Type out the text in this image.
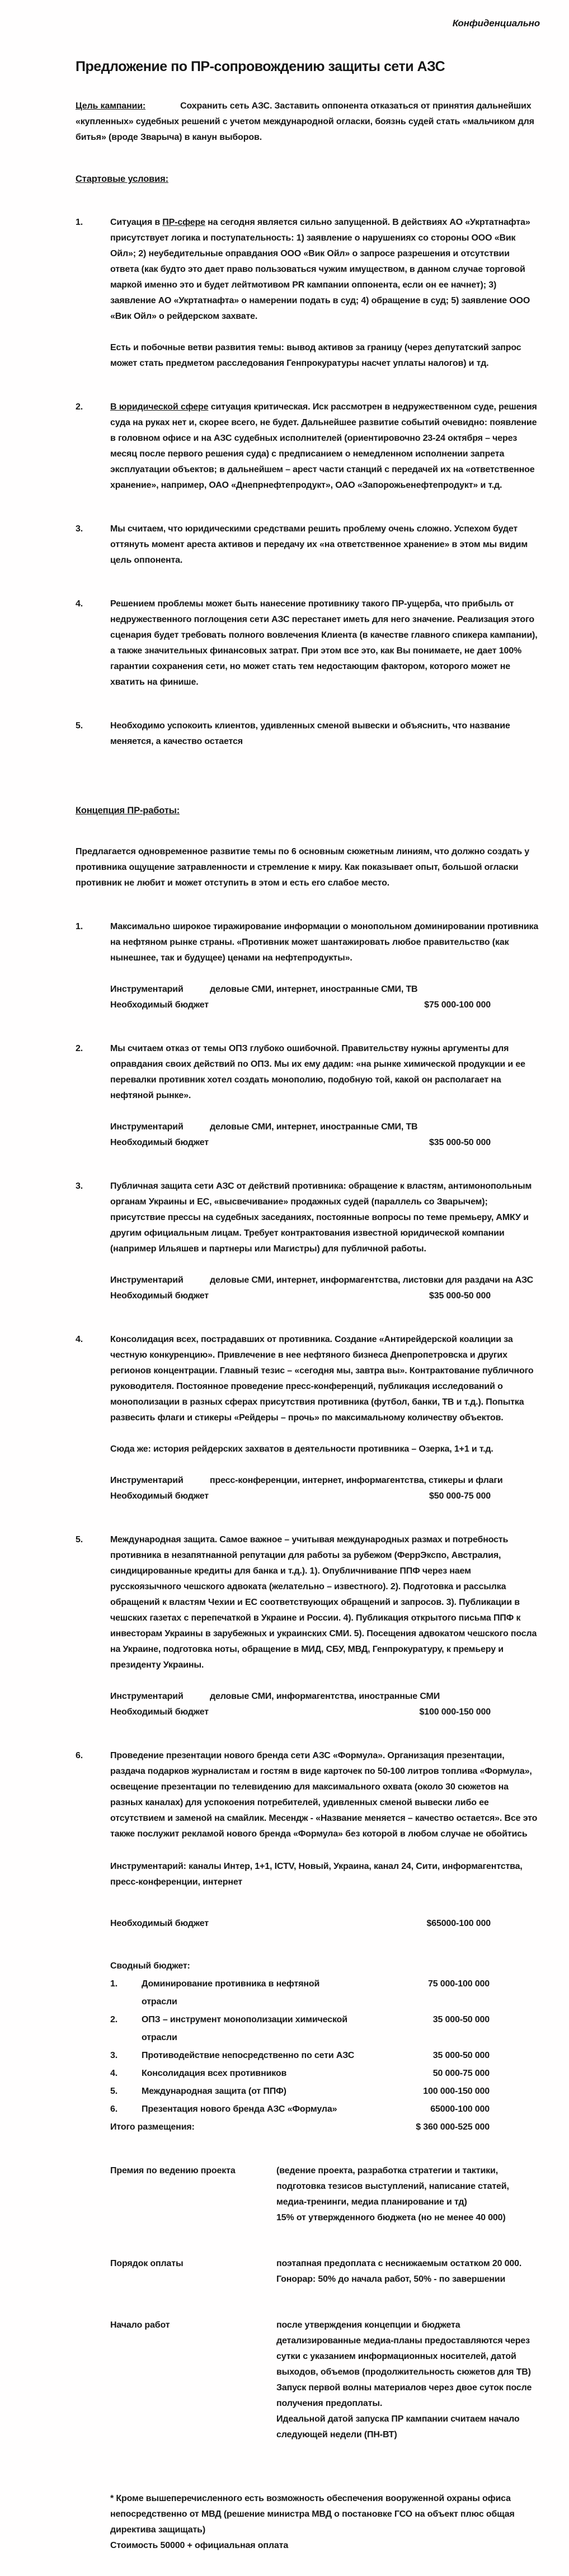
Конфиденциально
Предложение по ПР-сопровождению защиты сети АЗС

Цель кампании:	Сохранить сеть АЗС. Заставить оппонента отказаться от принятия дальнейших «купленных» судебных решений с учетом международной огласки, боязнь судей стать «мальчиком для битья» (вроде Зварыча) в канун выборов.

Стартовые условия:

1.	Ситуация в ПР-сфере на сегодня является сильно запущенной. В действиях АО «Укртатнафта» присутствует логика и поступательность: 1) заявление о нарушениях со стороны ООО «Вик Ойл»; 2) неубедительные оправдания ООО «Вик Ойл» о запросе разрешения и отсутствии ответа (как будто это дает право пользоваться чужим имуществом, в данном случае торговой маркой именно это и будет лейтмотивом PR кампании оппонента, если он ее начнет); 3) заявление АО «Укртатнафта» о намерении подать в суд; 4) обращение в суд; 5) заявление ООО «Вик Ойл» о рейдерском захвате.

Есть и побочные ветви развития темы: вывод активов за границу (через депутатский запрос может стать предметом расследования Генпрокуратуры насчет уплаты налогов) и тд.

2.	В юридической сфере ситуация критическая. Иск рассмотрен в недружественном суде, решения суда на руках нет и, скорее всего, не будет. Дальнейшее развитие событий очевидно: появление в головном офисе и на АЗС судебных исполнителей (ориентировочно 23-24 октября – через месяц после первого решения суда) с предписанием о немедленном исполнении запрета эксплуатации объектов; в дальнейшем – арест части станций с передачей их на «ответственное хранение», например, ОАО «Днепрнефтепродукт», ОАО «Запорожьенефтепродукт» и т.д.

3.	Мы считаем, что юридическими средствами решить проблему очень сложно. Успехом будет оттянуть момент ареста активов и передачу их «на ответственное хранение» в этом мы видим цель оппонента.

4.	Решением проблемы может быть нанесение противнику такого ПР-ущерба, что прибыль от недружественного поглощения сети АЗС перестанет иметь для него значение. Реализация этого сценария будет требовать полного вовлечения Клиента (в качестве главного спикера кампании), а также значительных финансовых затрат. При этом все это, как Вы понимаете, не дает 100% гарантии сохранения сети, но может стать тем недостающим фактором, которого может не хватить на финише.

5.	Необходимо успокоить клиентов, удивленных сменой вывески и объяснить, что название меняется, а качество остается

Концепция ПР-работы:

Предлагается одновременное развитие темы по 6 основным сюжетным линиям, что должно создать у противника ощущение затравленности и стремление к миру. Как показывает опыт, большой огласки противник не любит и может отступить в этом и есть его слабое место.

1.	Максимально широкое тиражирование информации о монопольном доминировании противника на нефтяном рынке страны. «Противник может шантажировать любое правительство (как нынешнее, так и будущее) ценами на нефтепродукты».

Инструментарий	деловые СМИ, интернет, иностранные СМИ, ТВ
Необходимый бюджет	$75 000-100 000
2.	Мы считаем отказ от темы ОПЗ глубоко ошибочной. Правительству нужны аргументы для оправдания своих действий по ОПЗ. Мы их ему дадим: «на рынке химической продукции и ее перевалки противник хотел создать монополию, подобную той, какой он располагает на нефтяной рынке».

Инструментарий	деловые СМИ, интернет, иностранные СМИ, ТВ
Необходимый бюджет	$35 000-50 000
3.	Публичная защита сети АЗС от действий противника: обращение к властям, антимонопольным органам Украины и ЕС, «высвечивание» продажных судей (параллель со Зварычем); присутствие прессы на судебных заседаниях, постоянные вопросы по теме премьеру, АМКУ и другим официальным лицам. Требует контрактования известной юридической компании (например Ильяшев и партнеры или Магистры) для публичной работы.

Инструментарий	деловые СМИ, интернет, информагентства, листовки для раздачи на АЗС
Необходимый бюджет	$35 000-50 000
4.	Консолидация всех, пострадавших от противника. Создание «Антирейдерской коалиции за честную конкуренцию». Привлечение в нее нефтяного бизнеса Днепропетровска и других регионов концентрации. Главный тезис – «сегодня мы, завтра вы». Контрактование публичного руководителя. Постоянное проведение пресс-конференций, публикация исследований о монополизации в разных сферах присутствия противника (футбол, банки, ТВ и т.д.). Попытка развесить флаги и стикеры «Рейдеры – прочь» по максимальному количеству объектов.

Сюда же: история рейдерских захватов в деятельности противника – Озерка, 1+1 и т.д.

Инструментарий	пресс-конференции, интернет, информагентства, стикеры и флаги
Необходимый бюджет	$50 000-75 000
5.	Международная защита. Самое важное – учитывая международных размах и потребность противника в незапятнанной репутации для работы за рубежом (ФеррЭкспо, Австралия, синдицированные кредиты для банка и т.д.). 1). Опубличнивание ППФ через наем русскоязычного чешского адвоката (желательно – известного). 2). Подготовка и рассылка обращений к властям Чехии и ЕС соответствующих обращений и запросов. 3). Публикации в чешских газетах с перепечаткой в Украине и России. 4). Публикация открытого письма ППФ к инвесторам Украины в зарубежных и украинских СМИ. 5). Посещения адвокатом чешского посла на Украине, подготовка ноты, обращение в МИД, СБУ, МВД, Генпрокуратуру, к премьеру и президенту Украины.

Инструментарий	деловые СМИ, информагентства, иностранные СМИ
Необходимый бюджет	$100 000-150 000
6.	Проведение презентации нового бренда сети АЗС «Формула». Организация презентации, раздача подарков журналистам и гостям в виде карточек по 50-100 литров топлива «Формула», освещение презентации по телевидению для максимального охвата (около 30 сюжетов на разных каналах) для успокоения потребителей, удивленных сменой вывески либо ее отсутствием и заменой на смайлик. Месендж - «Название меняется – качество остается». Все это также послужит рекламой нового бренда «Формула» без которой в любом случае не обойтись

Инструментарий: каналы Интер, 1+1, ICTV, Новый, Украина, канал 24, Сити, информагентства, пресс-конференции, интернет

Необходимый бюджет	$65000-100 000

Сводный бюджет:

1.	Доминирование противника в нефтяной отрасли
75 000-100 000
2.	ОПЗ – инструмент монополизации химической отрасли
35 000-50 000
3.	Противодействие непосредственно по сети АЗС	35 000-50 000
4.	Консолидация всех противников	50 000-75 000
5.	Международная защита (от ППФ)	100 000-150 000
6.	Презентация нового бренда АЗС «Формула»	65000-100 000
Итого размещения:	$ 360 000-525 000
Премия по ведению проекта	(ведение проекта, разработка стратегии и тактики, подготовка тезисов выступлений, написание статей, медиа-тренинги, медиа планирование и тд)

15% от утвержденного бюджета (но не менее 40 000)

Порядок оплаты	поэтапная предоплата с неснижаемым остатком 20 000. Гонорар: 50% до начала работ, 50% - по завершении

Начало работ	после утверждения концепции и бюджета детализированные медиа-планы предоставляются через сутки с указанием информационных носителей, датой выходов, объемов (продолжительность сюжетов для ТВ)

Запуск первой волны материалов через двое суток после получения предоплаты.

Идеальной датой запуска ПР кампании считаем начало следующей недели (ПН-ВТ)

* Кроме вышеперечисленного есть возможность обеспечения вооруженной охраны офиса непосредственно от МВД (решение министра МВД о постановке ГСО на объект плюс общая директива защищать)

Стоимость 50000 + официальная оплата
